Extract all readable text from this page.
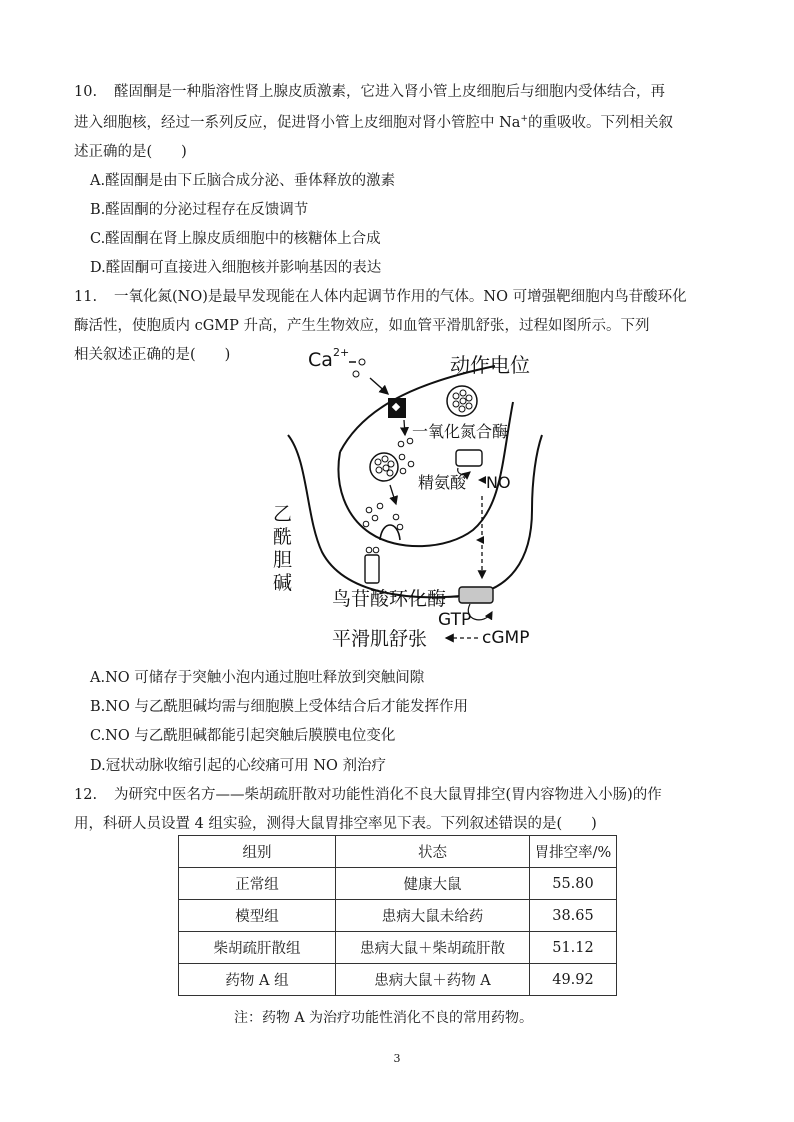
10. 醛固酮是一种脂溶性肾上腺皮质激素，它进入肾小管上皮细胞后与细胞内受体结合，再
进入细胞核，经过一系列反应，促进肾小管上皮细胞对肾小管腔中 Na+的重吸收。下列相关叙
述正确的是(　　)
A.醛固酮是由下丘脑合成分泌、垂体释放的激素
B.醛固酮的分泌过程存在反馈调节
C.醛固酮在肾上腺皮质细胞中的核糖体上合成
D.醛固酮可直接进入细胞核并影响基因的表达
11. 一氧化氮(NO)是最早发现能在人体内起调节作用的气体。NO 可增强靶细胞内鸟苷酸环化
酶活性，使胞质内 cGMP 升高，产生生物效应，如血管平滑肌舒张，过程如图所示。下列
相关叙述正确的是(　　)	Ca 2+
动作电位
一氧化氮合酶
精氨酸 NO
乙
酰
胆
碱
鸟苷酸环化酶
GTP
cGMP
平滑肌舒张
A.NO 可储存于突触小泡内通过胞吐释放到突触间隙
B.NO 与乙酰胆碱均需与细胞膜上受体结合后才能发挥作用
C.NO 与乙酰胆碱都能引起突触后膜膜电位变化
D.冠状动脉收缩引起的心绞痛可用 NO 剂治疗
12. 为研究中医名方——柴胡疏肝散对功能性消化不良大鼠胃排空(胃内容物进入小肠)的作
用，科研人员设置 4 组实验，测得大鼠胃排空率见下表。下列叙述错误的是(　　)
组别	状态	胃排空率/%
正常组	健康大鼠	55.80
模型组	患病大鼠未给药	38.65
柴胡疏肝散组	患病大鼠＋柴胡疏肝散	51.12
药物 A 组	患病大鼠＋药物 A	49.92
注：药物 A 为治疗功能性消化不良的常用药物。
3
